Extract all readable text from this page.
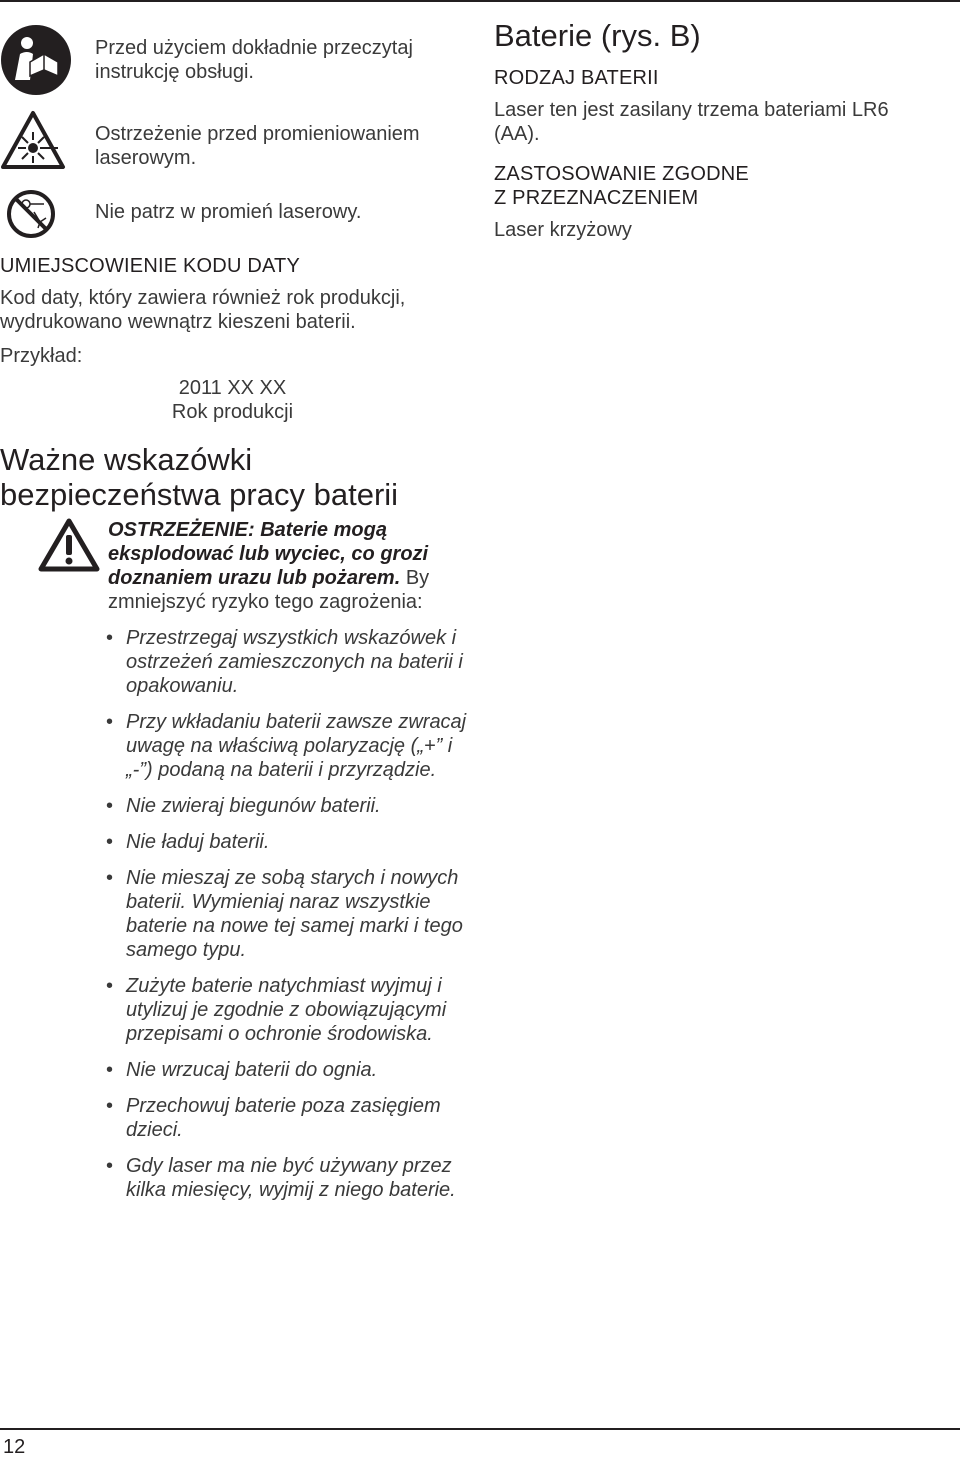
Przed użyciem dokładnie przeczytaj instrukcję obsługi.
Ostrzeżenie przed promieniowaniem laserowym.
Nie patrz w promień laserowy.
UMIEJSCOWIENIE KODU DATY
Kod daty, który zawiera również rok produkcji, wydrukowano wewnątrz kieszeni baterii.
Przykład:
2011 XX XX
Rok produkcji
Ważne wskazówki
bezpieczeństwa pracy baterii
OSTRZEŻENIE: Baterie mogą eksplodować lub wyciec, co grozi doznaniem urazu lub pożarem. By zmniejszyć ryzyko tego zagrożenia:
• Przestrzegaj wszystkich wskazówek i ostrzeżeń zamieszczonych na baterii i opakowaniu.
• Przy wkładaniu baterii zawsze zwracaj uwagę na właściwą polaryzację („+” i „-”) podaną na baterii i przyrządzie.
• Nie zwieraj biegunów baterii.
• Nie ładuj baterii.
• Nie mieszaj ze sobą starych i nowych baterii. Wymieniaj naraz wszystkie baterie na nowe tej samej marki i tego samego typu.
• Zużyte baterie natychmiast wyjmuj i utylizuj je zgodnie z obowiązującymi przepisami o ochronie środowiska.
• Nie wrzucaj baterii do ognia.
• Przechowuj baterie poza zasięgiem dzieci.
• Gdy laser ma nie być używany przez kilka miesięcy, wyjmij z niego baterie.
Baterie (rys. B)
RODZAJ BATERII
Laser ten jest zasilany trzema bateriami LR6 (AA).
ZASTOSOWANIE ZGODNE
Z PRZEZNACZENIEM
Laser krzyżowy
12
